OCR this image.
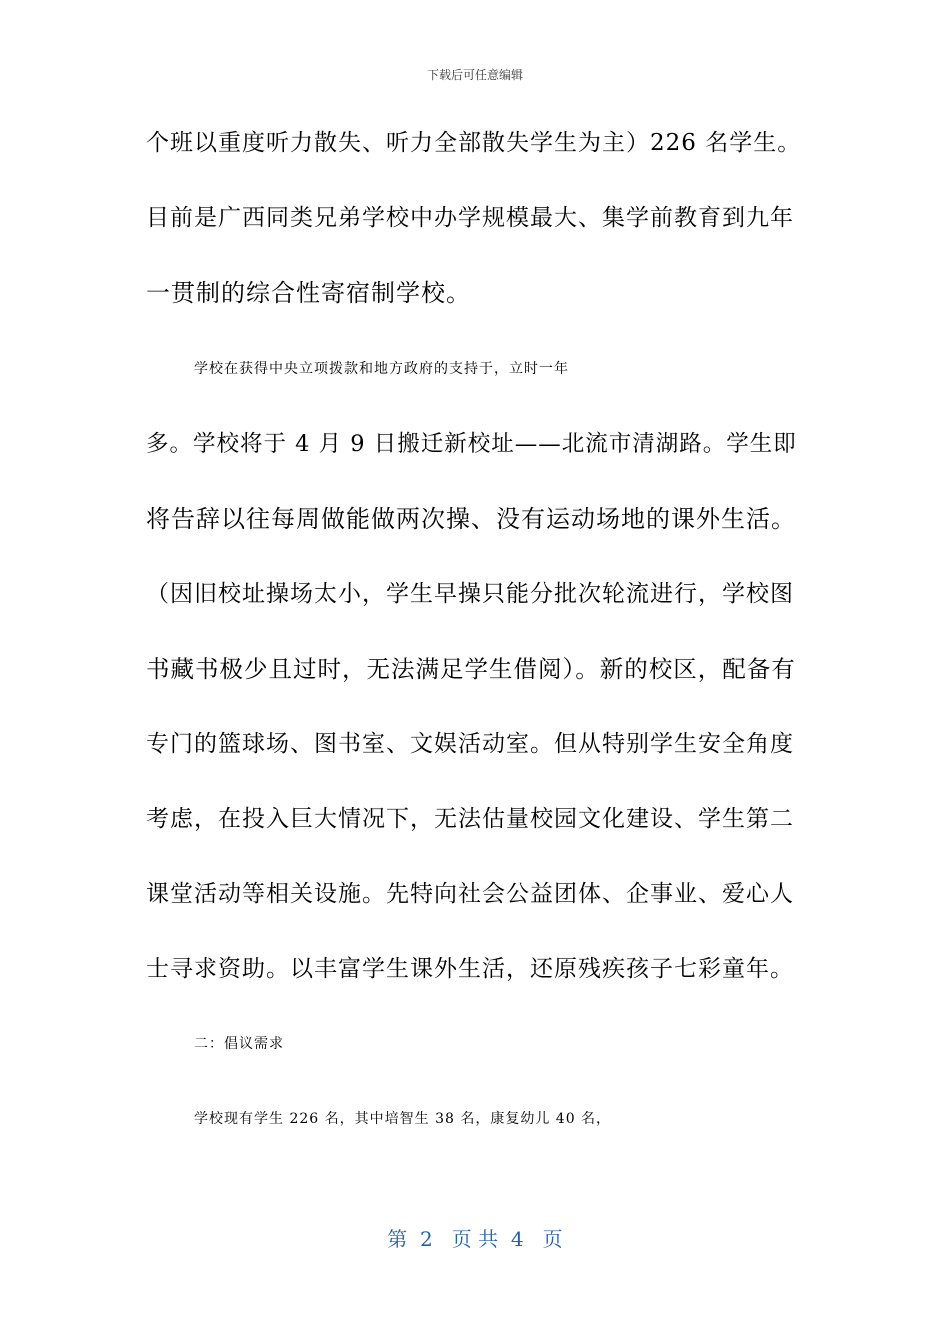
下载后可任意编辑
个班以重度听力散失、听力全部散失学生为主）226 名学生。
目前是广西同类兄弟学校中办学规模最大、集学前教育到九年
一贯制的综合性寄宿制学校。
学校在获得中央立项拨款和地方政府的支持于，立时一年
多。学校将于 4 月 9 日搬迁新校址——北流市清湖路。学生即
将告辞以往每周做能做两次操、没有运动场地的课外生活。
（因旧校址操场太小，学生早操只能分批次轮流进行，学校图
书藏书极少且过时，无法满足学生借阅）。新的校区，配备有
专门的篮球场、图书室、文娱活动室。但从特别学生安全角度
考虑，在投入巨大情况下，无法估量校园文化建设、学生第二
课堂活动等相关设施。先特向社会公益团体、企事业、爱心人
士寻求资助。以丰富学生课外生活，还原残疾孩子七彩童年。
二：倡议需求
学校现有学生 226 名，其中培智生 38 名，康复幼儿 40 名，
第  2   页 共  4   页
